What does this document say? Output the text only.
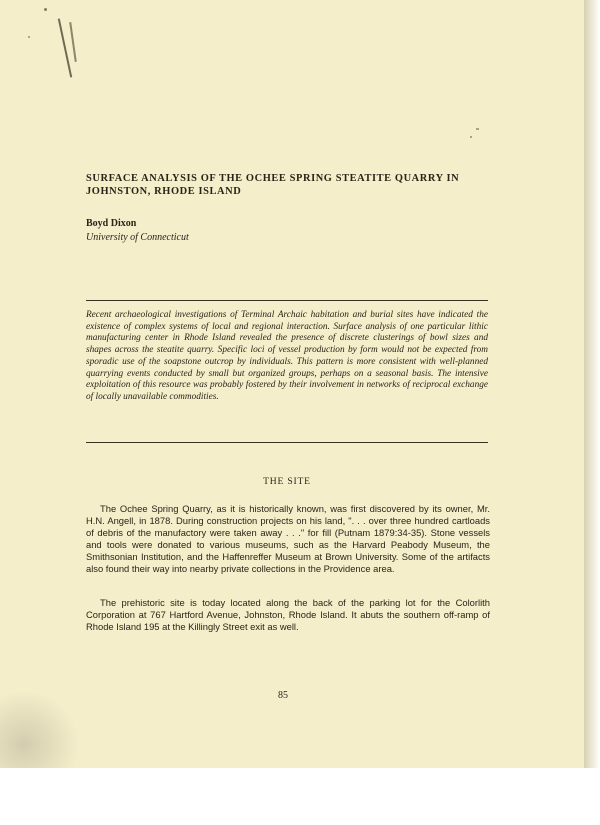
SURFACE ANALYSIS OF THE OCHEE SPRING STEATITE QUARRY IN JOHNSTON, RHODE ISLAND
Boyd Dixon
University of Connecticut

Recent archaeological investigations of Terminal Archaic habitation and burial sites have indicated the existence of complex systems of local and regional interaction. Surface analysis of one particular lithic manufacturing center in Rhode Island revealed the presence of discrete clusterings of bowl sizes and shapes across the steatite quarry. Specific loci of vessel production by form would not be expected from sporadic use of the soapstone outcrop by individuals. This pattern is more consistent with well-planned quarrying events conducted by small but organized groups, perhaps on a seasonal basis. The intensive exploitation of this resource was probably fostered by their involvement in networks of reciprocal exchange of locally unavailable commodities.

THE SITE

The Ochee Spring Quarry, as it is historically known, was first discovered by its owner, Mr. H.N. Angell, in 1878. During construction projects on his land, ". . . over three hundred cartloads of debris of the manufactory were taken away . . ." for fill (Putnam 1879:34-35). Stone vessels and tools were donated to various museums, such as the Harvard Peabody Museum, the Smithsonian Institution, and the Haffenreffer Museum at Brown University. Some of the artifacts also found their way into nearby private collections in the Providence area.

The prehistoric site is today located along the back of the parking lot for the Colorlith Corporation at 767 Hartford Avenue, Johnston, Rhode Island. It abuts the southern off-ramp of Rhode Island 195 at the Killingly Street exit as well.

85
